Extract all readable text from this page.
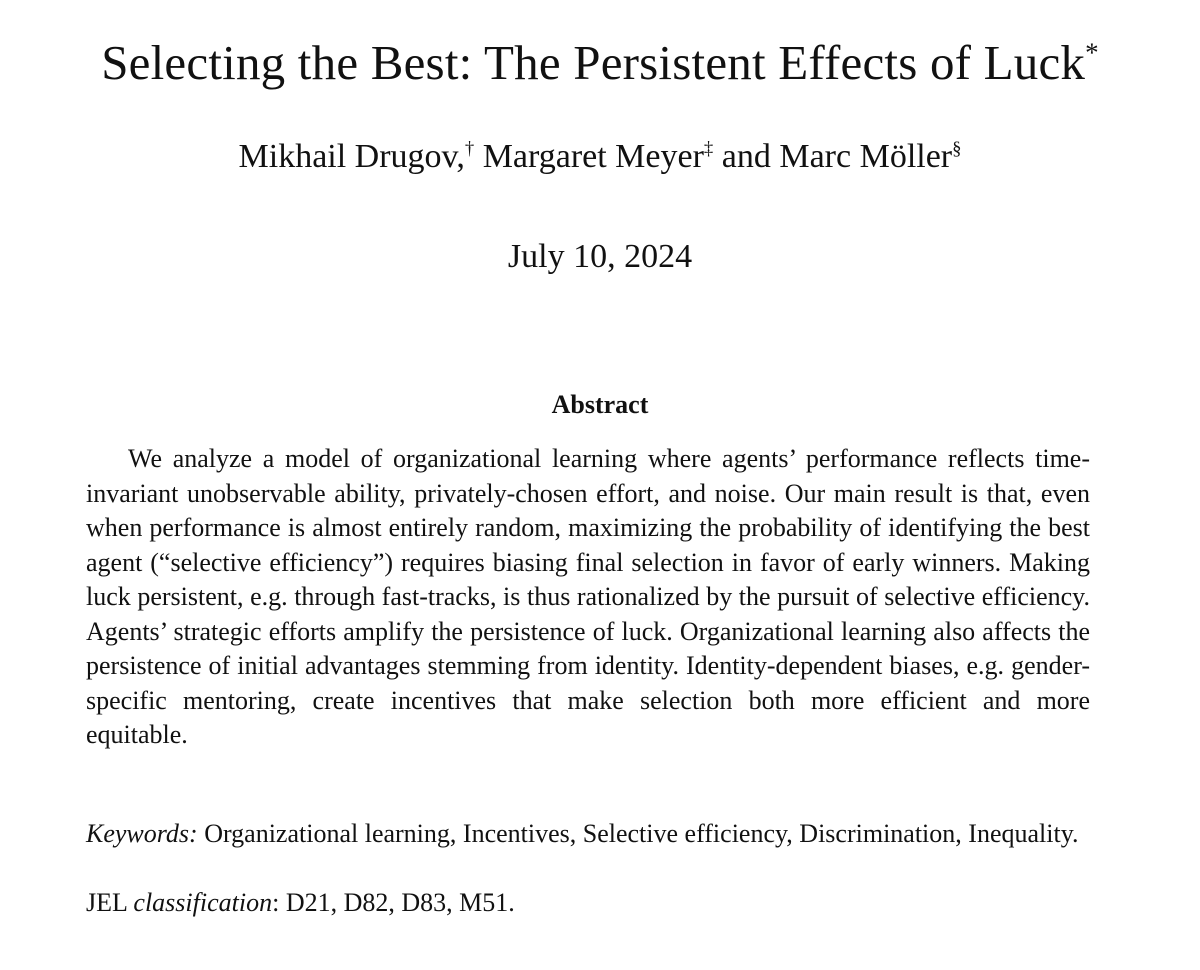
Selecting the Best: The Persistent Effects of Luck*
Mikhail Drugov,† Margaret Meyer‡ and Marc Möller§
July 10, 2024
Abstract

We analyze a model of organizational learning where agents’ performance reflects time-invariant unobservable ability, privately-chosen effort, and noise. Our main result is that, even when performance is almost entirely random, maximizing the probability of identifying the best agent (“selective efficiency”) requires biasing final selection in favor of early winners. Making luck persistent, e.g. through fast-tracks, is thus rationalized by the pursuit of selective efficiency. Agents’ strategic efforts amplify the persistence of luck. Organizational learning also affects the persistence of initial advantages stemming from identity. Identity-dependent biases, e.g. gender-specific mentoring, create incentives that make selection both more efficient and more equitable.

Keywords: Organizational learning, Incentives, Selective efficiency, Discrimination, Inequality.

JEL classification: D21, D82, D83, M51.
